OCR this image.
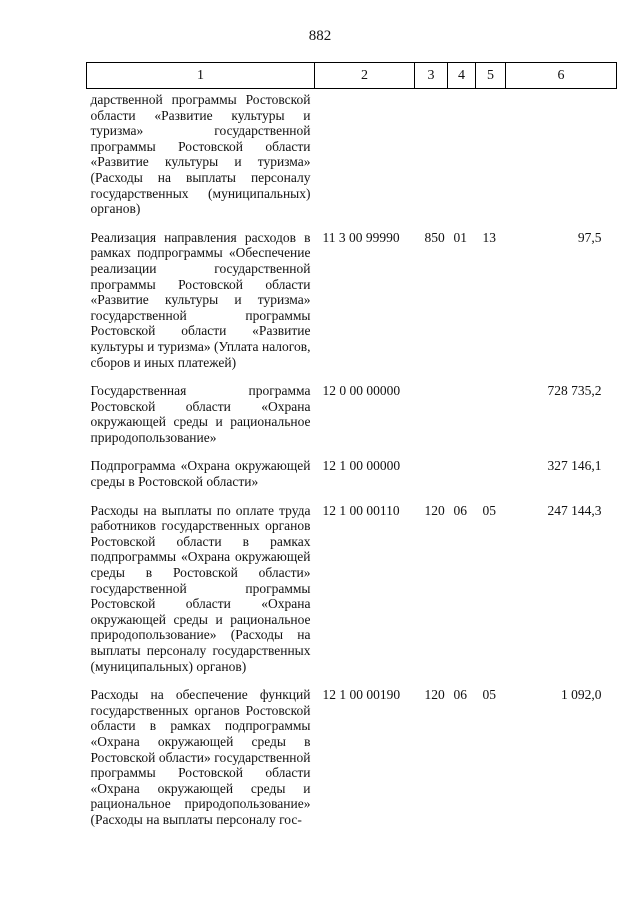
882
1	2	3	4	5	6
дарственной программы Ростовской области «Развитие культуры и туризма» государственной программы Ростовской области «Развитие культуры и туризма» (Расходы на выплаты персоналу государственных (муниципальных) органов)					
Реализация направления расходов в рамках подпрограммы «Обеспечение реализации государственной программы Ростовской области «Развитие культуры и туризма» государственной программы Ростовской области «Развитие культуры и туризма» (Уплата налогов, сборов и иных платежей)	11 3 00 99990	850	01	13	97,5
Государственная программа Ростовской области «Охрана окружающей среды и рациональное природопользование»	12 0 00 00000				728 735,2
Подпрограмма «Охрана окружающей среды в Ростовской области»	12 1 00 00000				327 146,1
Расходы на выплаты по оплате труда работников государственных органов Ростовской области в рамках подпрограммы «Охрана окружающей среды в Ростовской области» государственной программы Ростовской области «Охрана окружающей среды и рациональное природопользование» (Расходы на выплаты персоналу государственных (муниципальных) органов)	12 1 00 00110	120	06	05	247 144,3
Расходы на обеспечение функций государственных органов Ростовской области в рамках подпрограммы «Охрана окружающей среды в Ростовской области» государственной программы Ростовской области «Охрана окружающей среды и рациональное природопользование» (Расходы на выплаты персоналу гос-	12 1 00 00190	120	06	05	1 092,0
